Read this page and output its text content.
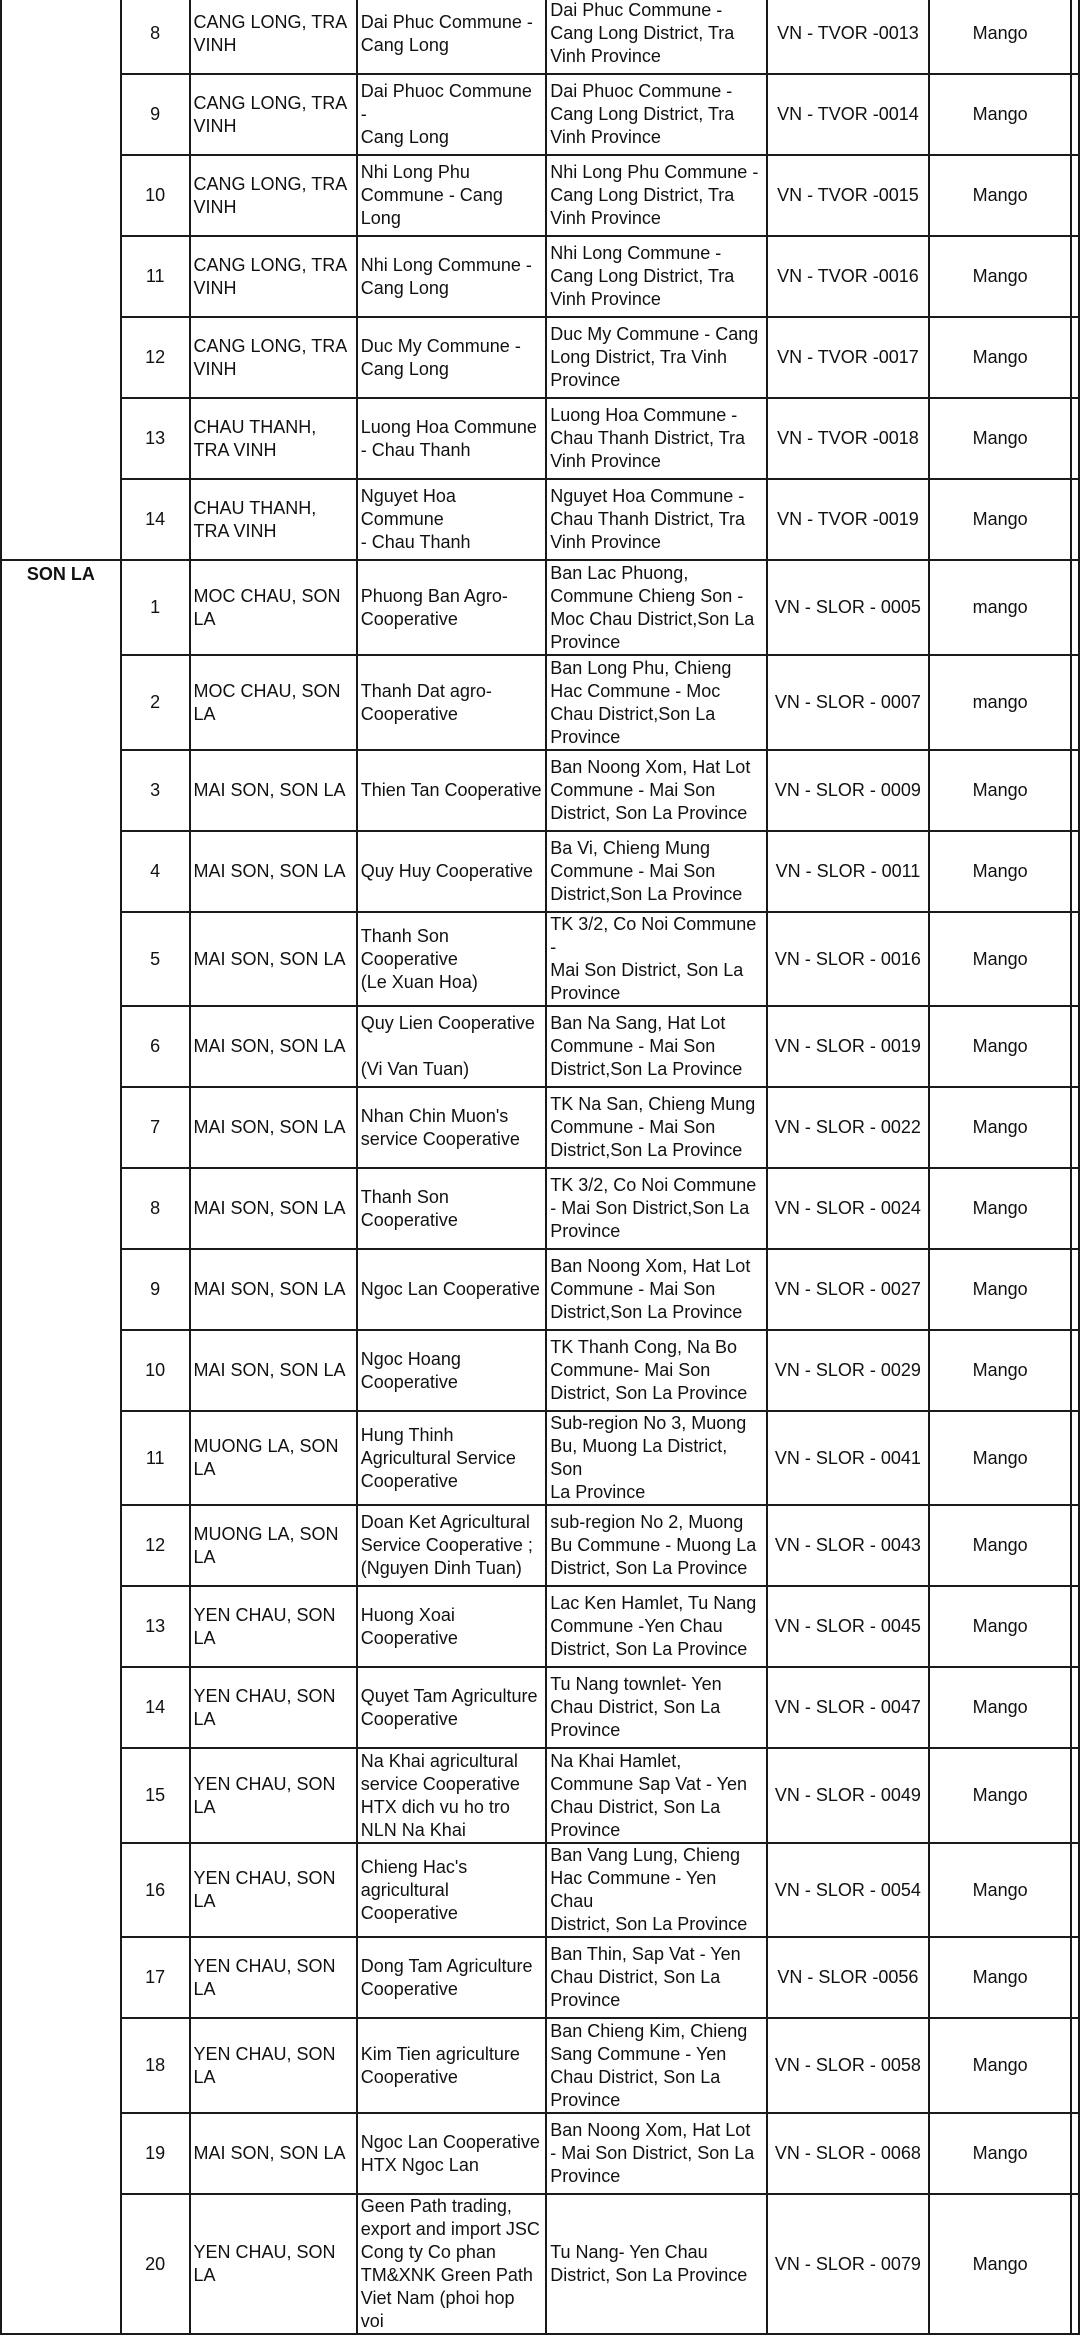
	8	CANG LONG, TRA
VINH	Dai Phuc Commune -
Cang Long	Dai Phuc Commune -
Cang Long District, Tra
Vinh Province	VN - TVOR -0013	Mango	
	9	CANG LONG, TRA
VINH	Dai Phuoc Commune -
Cang Long	Dai Phuoc Commune -
Cang Long District, Tra
Vinh Province	VN - TVOR -0014	Mango	
	10	CANG LONG, TRA
VINH	Nhi Long Phu
Commune - Cang
Long	Nhi Long Phu Commune -
Cang Long District, Tra
Vinh Province	VN - TVOR -0015	Mango	
	11	CANG LONG, TRA
VINH	Nhi Long Commune -
Cang Long	Nhi Long Commune -
Cang Long District, Tra
Vinh Province	VN - TVOR -0016	Mango	
	12	CANG LONG, TRA
VINH	Duc My Commune -
Cang Long	Duc My Commune - Cang
Long District, Tra Vinh
Province	VN - TVOR -0017	Mango	
	13	CHAU THANH,
TRA VINH	Luong Hoa Commune
- Chau Thanh	Luong Hoa Commune -
Chau Thanh District, Tra
Vinh Province	VN - TVOR -0018	Mango	
	14	CHAU THANH,
TRA VINH	Nguyet Hoa Commune
- Chau Thanh	Nguyet Hoa Commune -
Chau Thanh District, Tra
Vinh Province	VN - TVOR -0019	Mango	

SON LA	1	MOC CHAU, SON
LA	Phuong Ban Agro-
Cooperative	Ban Lac Phuong,
Commune Chieng Son -
Moc Chau District,Son La
Province	VN - SLOR - 0005	mango	
	2	MOC CHAU, SON
LA	Thanh Dat agro-
Cooperative	Ban Long Phu, Chieng
Hac Commune - Moc
Chau District,Son La
Province	VN - SLOR - 0007	mango	
	3	MAI SON, SON LA	Thien Tan Cooperative	Ban Noong Xom, Hat Lot
Commune - Mai Son
District, Son La Province	VN - SLOR - 0009	Mango	
	4	MAI SON, SON LA	Quy Huy Cooperative	Ba Vi, Chieng Mung
Commune - Mai Son
District,Son La Province	VN - SLOR - 0011	Mango	
	5	MAI SON, SON LA	Thanh Son
Cooperative
(Le Xuan Hoa)	TK 3/2, Co Noi Commune -
Mai Son District, Son La
Province	VN - SLOR - 0016	Mango	
	6	MAI SON, SON LA	Quy Lien Cooperative

(Vi Van Tuan)	Ban Na Sang, Hat Lot
Commune - Mai Son
District,Son La Province	VN - SLOR - 0019	Mango	
	7	MAI SON, SON LA	Nhan Chin Muon's
service Cooperative	TK Na San, Chieng Mung
Commune - Mai Son
District,Son La Province	VN - SLOR - 0022	Mango	
	8	MAI SON, SON LA	Thanh Son
Cooperative	TK 3/2, Co Noi Commune
- Mai Son District,Son La
Province	VN - SLOR - 0024	Mango	
	9	MAI SON, SON LA	Ngoc Lan Cooperative	Ban Noong Xom, Hat Lot
Commune - Mai Son
District,Son La Province	VN - SLOR - 0027	Mango	
	10	MAI SON, SON LA	Ngoc Hoang
Cooperative	TK Thanh Cong, Na Bo
Commune- Mai Son
District, Son La Province	VN - SLOR - 0029	Mango	
	11	MUONG LA, SON
LA	Hung Thinh
Agricultural Service
Cooperative	Sub-region No 3, Muong
Bu, Muong La District, Son
La Province	VN - SLOR - 0041	Mango	
	12	MUONG LA, SON
LA	Doan Ket Agricultural
Service Cooperative ;
(Nguyen Dinh Tuan)	sub-region No 2, Muong
Bu Commune - Muong La
District, Son La Province	VN - SLOR - 0043	Mango	
	13	YEN CHAU, SON
LA	Huong Xoai
Cooperative	Lac Ken Hamlet, Tu Nang
Commune -Yen Chau
District, Son La Province	VN - SLOR - 0045	Mango	
	14	YEN CHAU, SON
LA	Quyet Tam Agriculture
Cooperative	Tu Nang townlet- Yen
Chau District, Son La
Province	VN - SLOR - 0047	Mango	
	15	YEN CHAU, SON
LA	Na Khai agricultural
service Cooperative
HTX dich vu ho tro
NLN Na Khai	Na Khai Hamlet,
Commune Sap Vat - Yen
Chau District, Son La
Province	VN - SLOR - 0049	Mango	
	16	YEN CHAU, SON
LA	Chieng Hac's
agricultural
Cooperative	Ban Vang Lung, Chieng
Hac Commune - Yen Chau
District, Son La Province	VN - SLOR - 0054	Mango	
	17	YEN CHAU, SON
LA	Dong Tam Agriculture
Cooperative	Ban Thin, Sap Vat - Yen
Chau District, Son La
Province	VN - SLOR -0056	Mango	
	18	YEN CHAU, SON
LA	Kim Tien agriculture
Cooperative	Ban Chieng Kim, Chieng
Sang Commune - Yen
Chau District, Son La
Province	VN - SLOR - 0058	Mango	
	19	MAI SON, SON LA	Ngoc Lan Cooperative
HTX Ngoc Lan	Ban Noong Xom, Hat Lot
- Mai Son District, Son La
Province	VN - SLOR - 0068	Mango	
	20	YEN CHAU, SON
LA	Geen Path trading,
export and import JSC
Cong ty Co phan
TM&XNK Green Path
Viet Nam (phoi hop voi	Tu Nang- Yen Chau
District, Son La Province	VN - SLOR - 0079	Mango	
